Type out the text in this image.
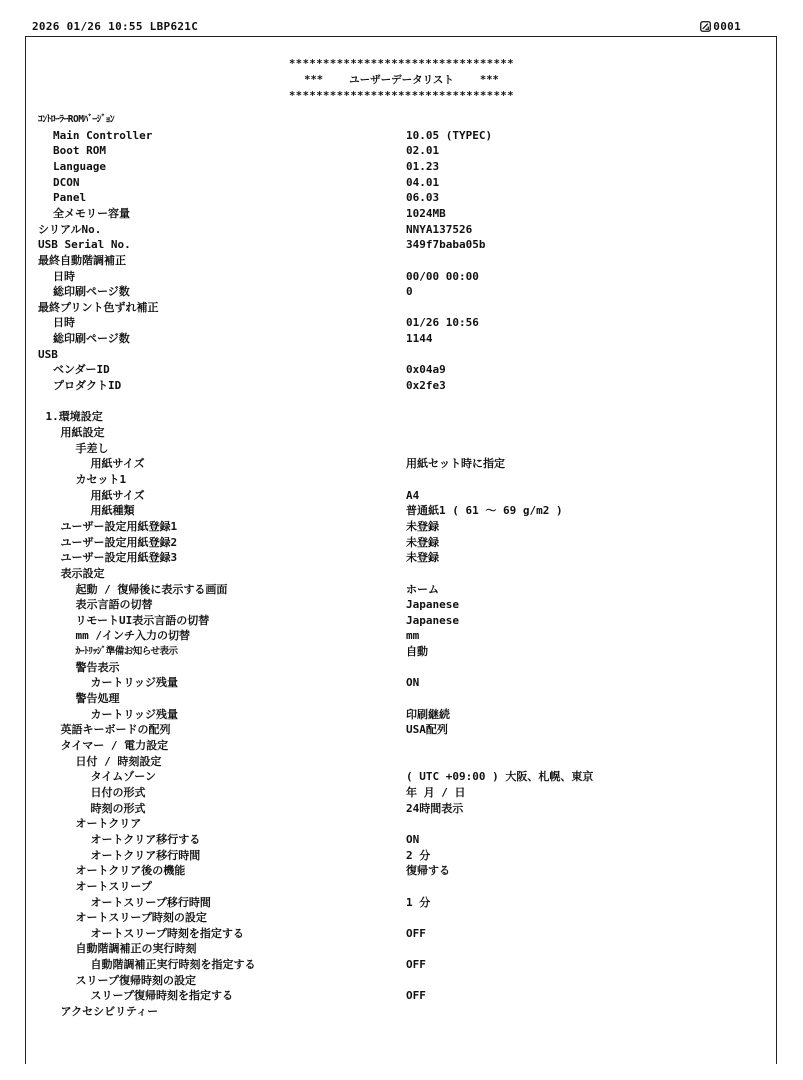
2026 01/26 10:55 LBP621C	0001
*********************************
*** ユーザーデータリスト ***
*********************************
ｺﾝﾄﾛｰﾗｰROMﾊﾞｰｼﾞｮﾝ
Main Controller	10.05 (TYPEC)
Boot ROM	02.01
Language	01.23
DCON	04.01
Panel	06.03
全メモリー容量	1024MB
シリアルNo.	NNYA137526
USB Serial No.	349f7baba05b
最終自動階調補正
日時	00/00 00:00
総印刷ページ数	0
最終プリント色ずれ補正
日時	01/26 10:56
総印刷ページ数	1144
USB
ベンダーID	0x04a9
プロダクトID	0x2fe3
1.環境設定
用紙設定
手差し
用紙サイズ	用紙セット時に指定
カセット1
用紙サイズ	A4
用紙種類	普通紙1 ( 61 ～ 69 g/m2 )
ユーザー設定用紙登録1	未登録
ユーザー設定用紙登録2	未登録
ユーザー設定用紙登録3	未登録
表示設定
起動 / 復帰後に表示する画面	ホーム
表示言語の切替	Japanese
リモートUI表示言語の切替	Japanese
mm /インチ入力の切替	mm
ｶｰﾄﾘｯｼﾞ準備お知らせ表示	自動
警告表示
カートリッジ残量	ON
警告処理
カートリッジ残量	印刷継続
英語キーボードの配列	USA配列
タイマー / 電力設定
日付 / 時刻設定
タイムゾーン	( UTC +09:00 ) 大阪、札幌、東京
日付の形式	年 月 / 日
時刻の形式	24時間表示
オートクリア
オートクリア移行する	ON
オートクリア移行時間	2 分
オートクリア後の機能	復帰する
オートスリープ
オートスリープ移行時間	1 分
オートスリープ時刻の設定
オートスリープ時刻を指定する	OFF
自動階調補正の実行時刻
自動階調補正実行時刻を指定する	OFF
スリープ復帰時刻の設定
スリープ復帰時刻を指定する	OFF
アクセシビリティー
